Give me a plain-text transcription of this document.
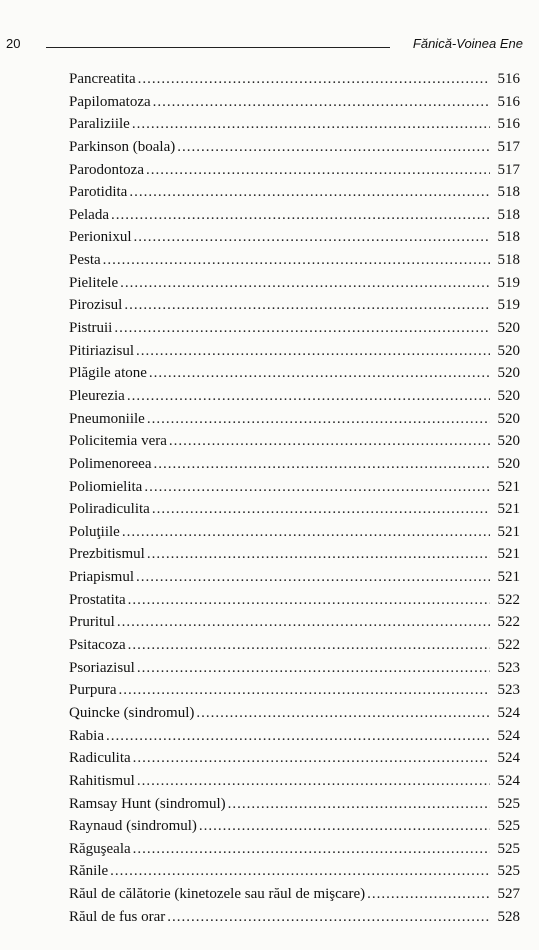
20	Fănică-Voinea Ene
Pancreatita .....	516
Papilomatoza .....	516
Paraliziile .....	516
Parkinson (boala) .....	517
Parodontoza .....	517
Parotidita .....	518
Pelada .....	518
Perionixul .....	518
Pesta .....	518
Pielitele .....	519
Pirozisul .....	519
Pistruii .....	520
Pitiriazisul .....	520
Plăgile atone .....	520
Pleurezia .....	520
Pneumoniile .....	520
Policitemia vera .....	520
Polimenoreea .....	520
Poliomielita .....	521
Poliradiculita .....	521
Poluţiile .....	521
Prezbitismul .....	521
Priapismul .....	521
Prostatita .....	522
Pruritul .....	522
Psitacoza .....	522
Psoriazisul .....	523
Purpura .....	523
Quincke (sindromul) .....	524
Rabia .....	524
Radiculita .....	524
Rahitismul .....	524
Ramsay Hunt (sindromul) .....	525
Raynaud (sindromul) .....	525
Răguşeala .....	525
Rănile .....	525
Răul de călătorie (kinetozele sau răul de mişcare) .....	527
Răul de fus orar .....	528
